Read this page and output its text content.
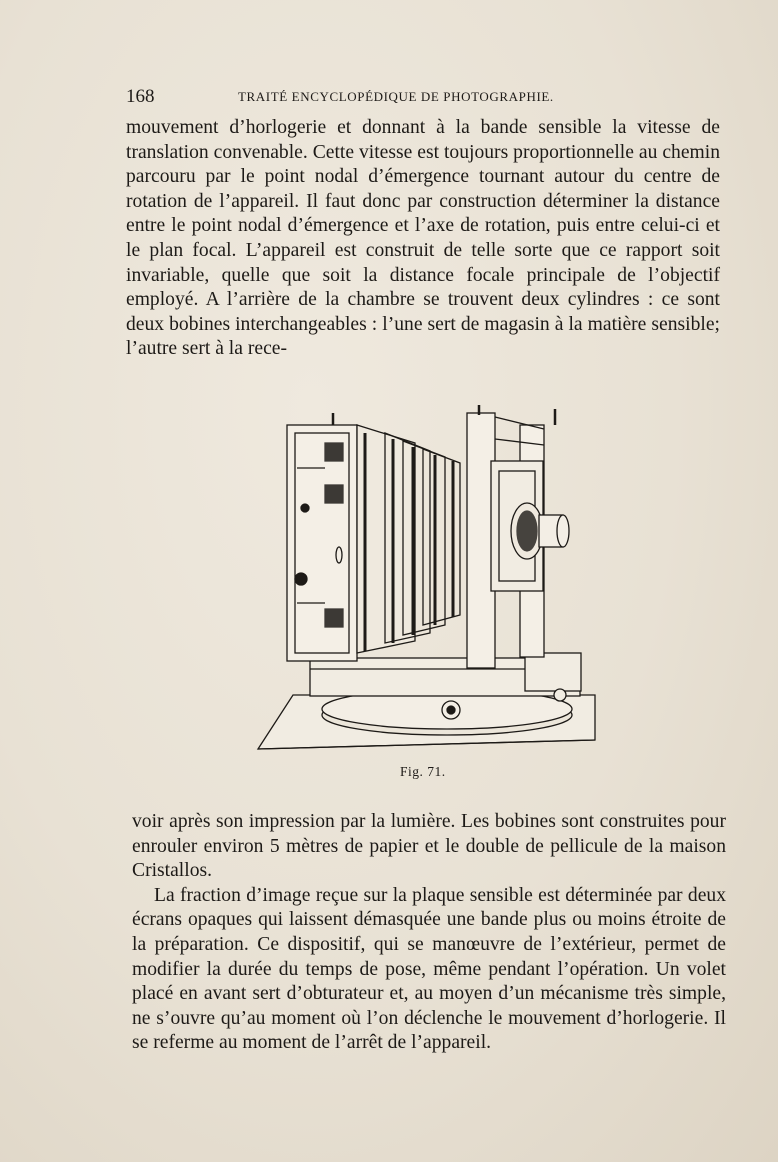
168	TRAITÉ ENCYCLOPÉDIQUE DE PHOTOGRAPHIE.

mouvement d’horlogerie et donnant à la bande sensible la vitesse de translation convenable. Cette vitesse est toujours proportionnelle au chemin parcouru par le point nodal d’émergence tournant autour du centre de rotation de l’appareil. Il faut donc par construction déterminer la distance entre le point nodal d’émergence et l’axe de rotation, puis entre celui-ci et le plan focal. L’appareil est construit de telle sorte que ce rapport soit invariable, quelle que soit la distance focale principale de l’objectif employé. A l’arrière de la chambre se trouvent deux cylindres : ce sont deux bobines interchangeables : l’une sert de magasin à la matière sensible; l’autre sert à la rece-

Fig. 71.

voir après son impression par la lumière. Les bobines sont construites pour enrouler environ 5 mètres de papier et le double de pellicule de la maison Cristallos.

La fraction d’image reçue sur la plaque sensible est déterminée par deux écrans opaques qui laissent démasquée une bande plus ou moins étroite de la préparation. Ce dispositif, qui se manœuvre de l’extérieur, permet de modifier la durée du temps de pose, même pendant l’opération. Un volet placé en avant sert d’obturateur et, au moyen d’un mécanisme très simple, ne s’ouvre qu’au moment où l’on déclenche le mouvement d’horlogerie. Il se referme au moment de l’arrêt de l’appareil.
